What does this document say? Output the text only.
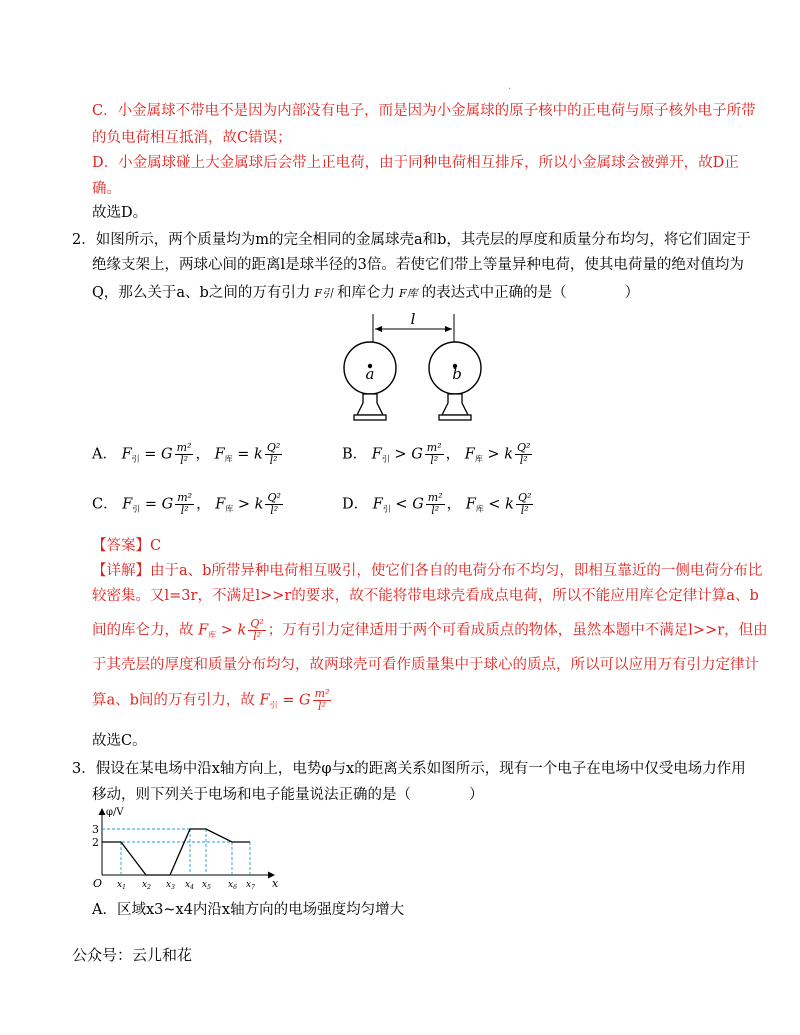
·
C．小金属球不带电不是因为内部没有电子，而是因为小金属球的原子核中的正电荷与原子核外电子所带
的负电荷相互抵消，故C错误；
D．小金属球碰上大金属球后会带上正电荷，由于同种电荷相互排斥，所以小金属球会被弹开，故D正
确。
故选D。
2．如图所示，两个质量均为m的完全相同的金属球壳a和b，其壳层的厚度和质量分布均匀，将它们固定于
绝缘支架上，两球心间的距离l是球半径的3倍。若使它们带上等量异种电荷，使其电荷量的绝对值均为
Q，那么关于a、b之间的万有引力 F引 和库仑力 F库 的表达式中正确的是（　　　　）
l
a	b
A． $F_引 = G \frac{\text{m²}}{\text{l²}}$ ， $F_库 = k \frac{\text{Q²}}{\text{l²}}$	B． $F_引 > G \frac{\text{m²}}{\text{l²}}$ ， $F_库 > k \frac{\text{Q²}}{\text{l²}}$
C． $F_引 = G \frac{\text{m²}}{\text{l²}}$ ， $F_库 > k \frac{\text{Q²}}{\text{l²}}$	D． $F_引 < G \frac{\text{m²}}{\text{l²}}$ ， $F_库 < k \frac{\text{Q²}}{\text{l²}}$
【答案】C
【详解】由于a、b所带异种电荷相互吸引，使它们各自的电荷分布不均匀，即相互靠近的一侧电荷分布比
较密集。又l=3r，不满足l>>r的要求，故不能将带电球壳看成点电荷，所以不能应用库仑定律计算a、b
间的库仑力，故 $F_库 > k \frac{\text{Q²}}{\text{l²}}$ ；万有引力定律适用于两个可看成质点的物体，虽然本题中不满足l>>r，但由
于其壳层的厚度和质量分布均匀，故两球壳可看作质量集中于球心的质点，所以可以应用万有引力定律计
算a、b间的万有引力，故 $F_引 = G \frac{\text{m²}}{\text{l²}}$
故选C。
3．假设在某电场中沿x轴方向上，电势φ与x的距离关系如图所示，现有一个电子在电场中仅受电场力作用
移动，则下列关于电场和电子能量说法正确的是（　　　　）
φ/V
x
O
3
2
$x_1$ $x_2$ $x_3$ $x_4$ $x_5$ $x_6$ $x_7$
A．区域x3~x4内沿x轴方向的电场强度均匀增大
公众号：云儿和花
